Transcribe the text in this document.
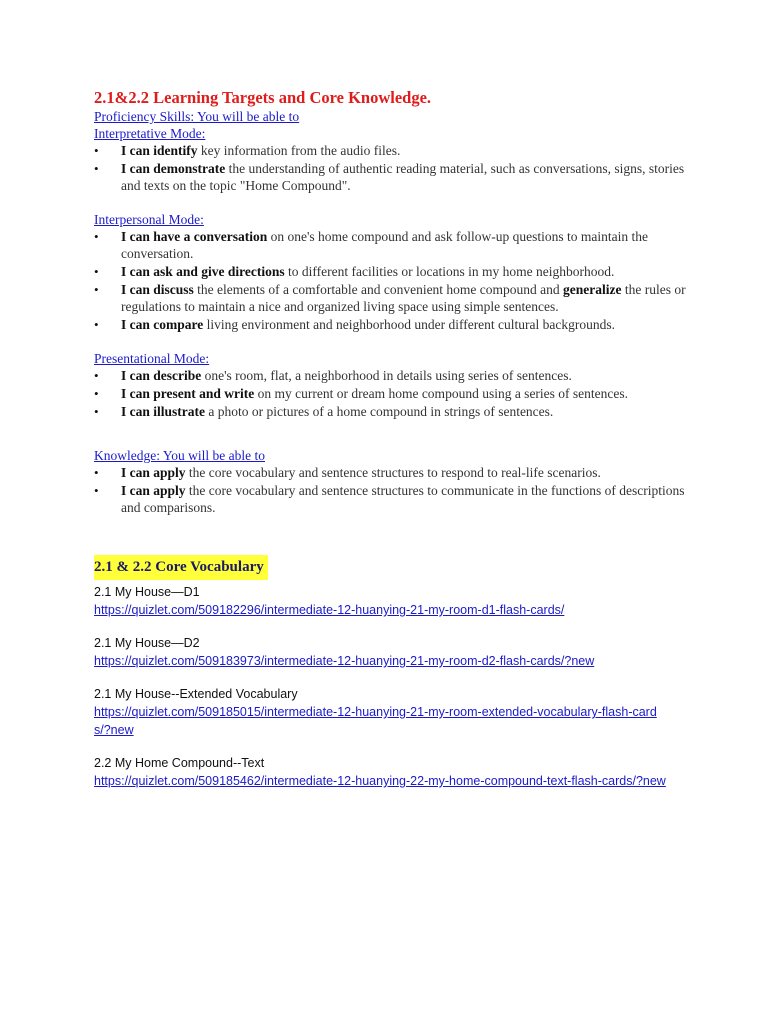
2.1&2.2 Learning Targets and Core Knowledge.
Proficiency Skills: You will be able to
Interpretative Mode:
• I can identify key information from the audio files.
• I can demonstrate the understanding of authentic reading material, such as conversations, signs, stories and texts on the topic "Home Compound".
Interpersonal Mode:
• I can have a conversation on one's home compound and ask follow-up questions to maintain the conversation.
• I can ask and give directions to different facilities or locations in my home neighborhood.
• I can discuss the elements of a comfortable and convenient home compound and generalize the rules or regulations to maintain a nice and organized living space using simple sentences.
• I can compare living environment and neighborhood under different cultural backgrounds.
Presentational Mode:
• I can describe one's room, flat, a neighborhood in details using series of sentences.
• I can present and write on my current or dream home compound using a series of sentences.
• I can illustrate a photo or pictures of a home compound in strings of sentences.
Knowledge: You will be able to
• I can apply the core vocabulary and sentence structures to respond to real-life scenarios.
• I can apply the core vocabulary and sentence structures to communicate in the functions of descriptions and comparisons.
2.1 & 2.2 Core Vocabulary
2.1 My House—D1
https://quizlet.com/509182296/intermediate-12-huanying-21-my-room-d1-flash-cards/
2.1 My House—D2
https://quizlet.com/509183973/intermediate-12-huanying-21-my-room-d2-flash-cards/?new
2.1 My House--Extended Vocabulary
https://quizlet.com/509185015/intermediate-12-huanying-21-my-room-extended-vocabulary-flash-cards/?new
2.2 My Home Compound--Text
https://quizlet.com/509185462/intermediate-12-huanying-22-my-home-compound-text-flash-cards/?new
